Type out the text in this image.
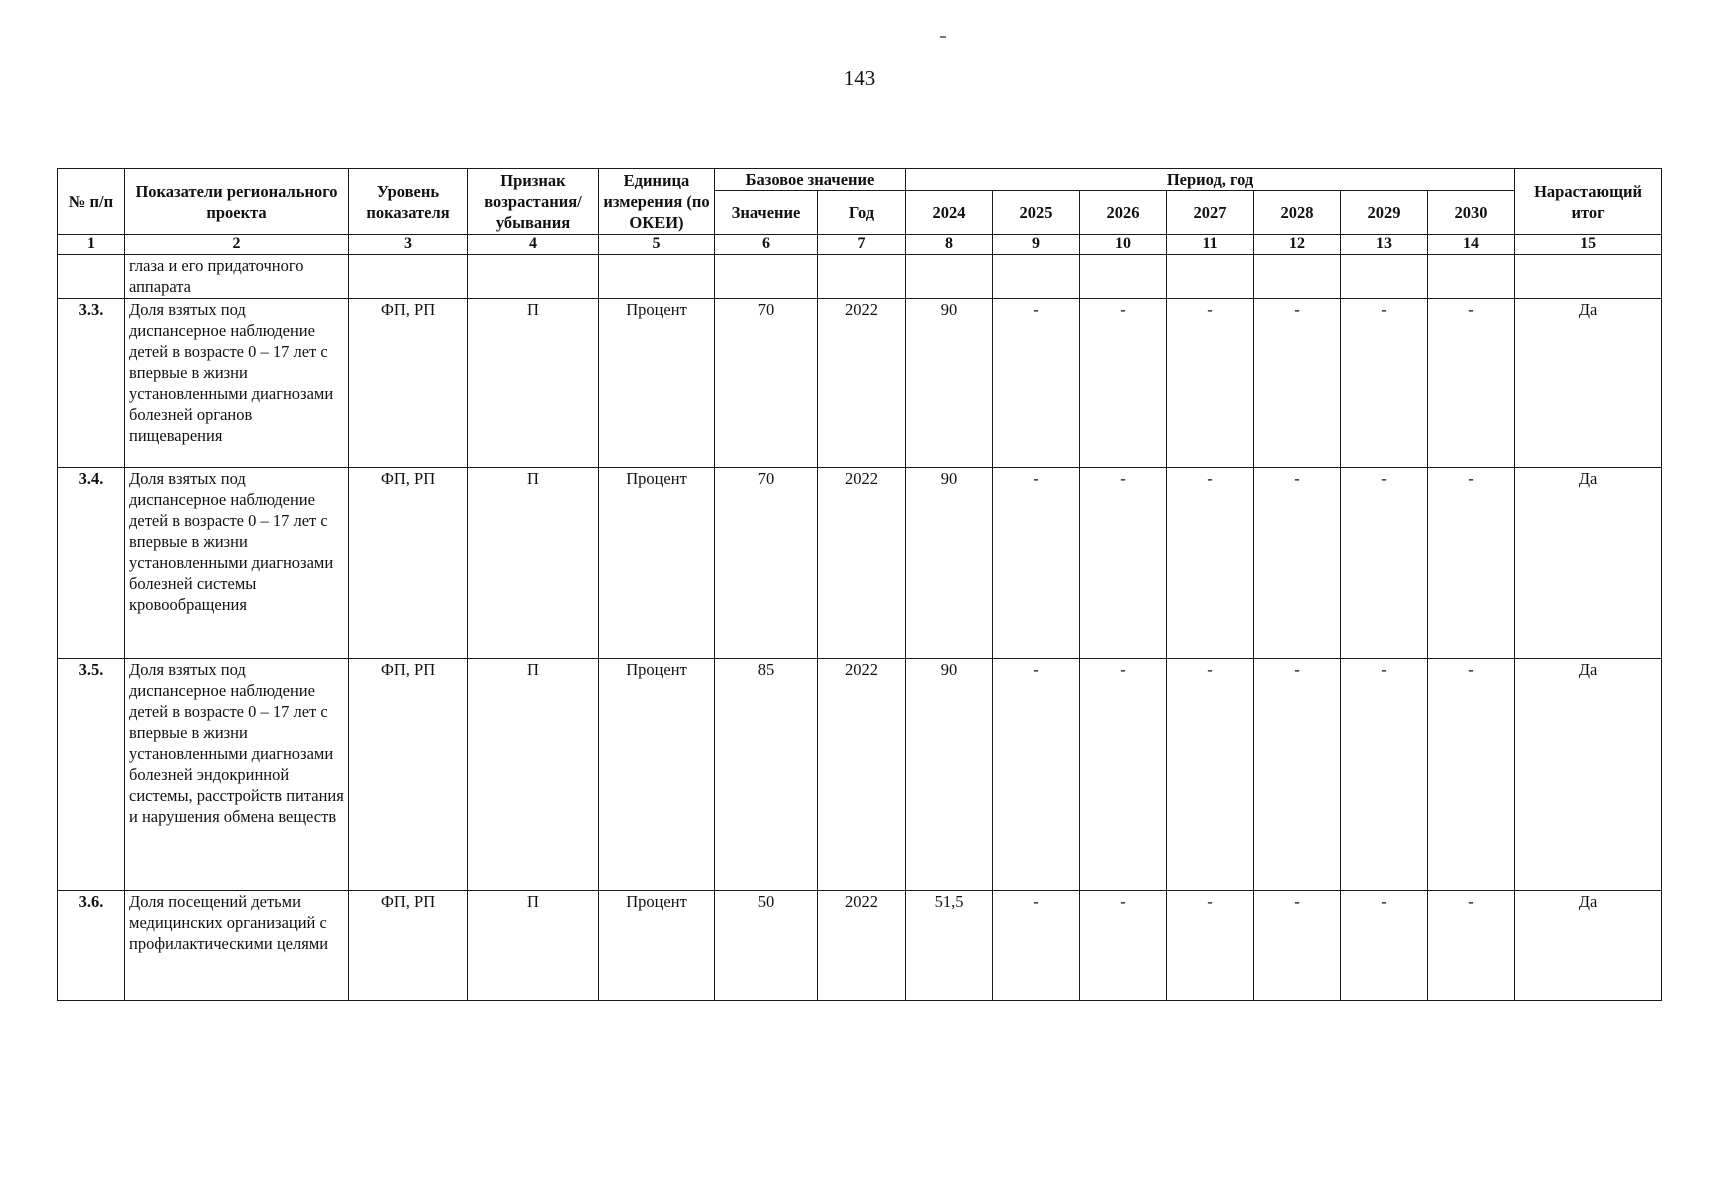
143
№ п/п	Показатели регионального проекта	Уровень показателя	Признак возрастания/ убывания	Единица измерения (по ОКЕИ)	Базовое значение		Период, год							Нарастающий итог
					Значение	Год	2024	2025	2026	2027	2028	2029	2030	
1	2	3	4	5	6	7	8	9	10	11	12	13	14	15
	глаза и его придаточного аппарата													
3.3.	Доля взятых под диспансерное наблюдение детей в возрасте 0 – 17 лет с впервые в жизни установленными диагнозами болезней органов пищеварения	ФП, РП	П	Процент	70	2022	90	-	-	-	-	-	-	Да
3.4.	Доля взятых под диспансерное наблюдение детей в возрасте 0 – 17 лет с впервые в жизни установленными диагнозами болезней системы кровообращения	ФП, РП	П	Процент	70	2022	90	-	-	-	-	-	-	Да
3.5.	Доля взятых под диспансерное наблюдение детей в возрасте 0 – 17 лет с впервые в жизни установленными диагнозами болезней эндокринной системы, расстройств питания и нарушения обмена веществ	ФП, РП	П	Процент	85	2022	90	-	-	-	-	-	-	Да
3.6.	Доля посещений детьми медицинских организаций с профилактическими целями	ФП, РП	П	Процент	50	2022	51,5	-	-	-	-	-	-	Да
